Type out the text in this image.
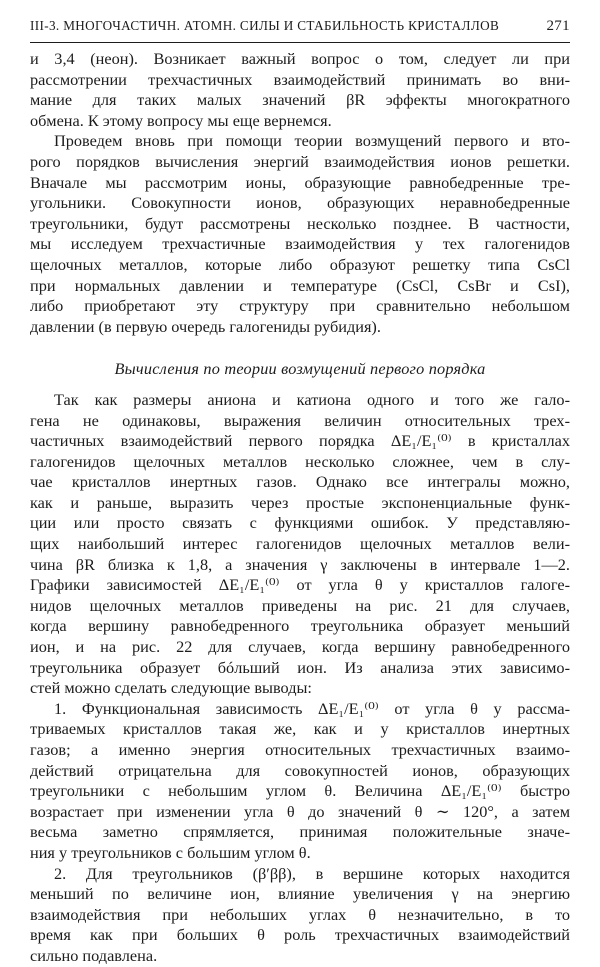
III-3. МНОГОЧАСТИЧН. АТОМН. СИЛЫ И СТАБИЛЬНОСТЬ КРИСТАЛЛОВ	271
и 3,4 (неон). Возникает важный вопрос о том, следует ли при
рассмотрении трехчастичных взаимодействий принимать во вни-
мание для таких малых значений βR эффекты многократного
обмена. К этому вопросу мы еще вернемся.
Проведем вновь при помощи теории возмущений первого и вто-
рого порядков вычисления энергий взаимодействия ионов решетки.
Вначале мы рассмотрим ионы, образующие равнобедренные тре-
угольники. Совокупности ионов, образующих неравнобедренные
треугольники, будут рассмотрены несколько позднее. В частности,
мы исследуем трехчастичные взаимодействия у тех галогенидов
щелочных металлов, которые либо образуют решетку типа CsCl
при нормальных давлении и температуре (CsCl, CsBr и CsI),
либо приобретают эту структуру при сравнительно небольшом
давлении (в первую очередь галогениды рубидия).
Вычисления по теории возмущений первого порядка
Так как размеры аниона и катиона одного и того же гало-
гена не одинаковы, выражения величин относительных трех-
частичных взаимодействий первого порядка ΔE₁/E₁⁽⁰⁾ в кристаллах
галогенидов щелочных металлов несколько сложнее, чем в слу-
чае кристаллов инертных газов. Однако все интегралы можно,
как и раньше, выразить через простые экспоненциальные функ-
ции или просто связать с функциями ошибок. У представляю-
щих наибольший интерес галогенидов щелочных металлов вели-
чина βR близка к 1,8, а значения γ заключены в интервале 1—2.
Графики зависимостей ΔE₁/E₁⁽⁰⁾ от угла θ у кристаллов галоге-
нидов щелочных металлов приведены на рис. 21 для случаев,
когда вершину равнобедренного треугольника образует меньший
ион, и на рис. 22 для случаев, когда вершину равнобедренного
треугольника образует бóльший ион. Из анализа этих зависимо-
стей можно сделать следующие выводы:
1. Функциональная зависимость ΔE₁/E₁⁽⁰⁾ от угла θ у рассма-
триваемых кристаллов такая же, как и у кристаллов инертных
газов; а именно энергия относительных трехчастичных взаимо-
действий отрицательна для совокупностей ионов, образующих
треугольники с небольшим углом θ. Величина ΔE₁/E₁⁽⁰⁾ быстро
возрастает при изменении угла θ до значений θ ∼ 120°, а затем
весьма заметно спрямляется, принимая положительные значе-
ния у треугольников с большим углом θ.
2. Для треугольников (β′ββ), в вершине которых находится
меньший по величине ион, влияние увеличения γ на энергию
взаимодействия при небольших углах θ незначительно, в то
время как при больших θ роль трехчастичных взаимодействий
сильно подавлена.
